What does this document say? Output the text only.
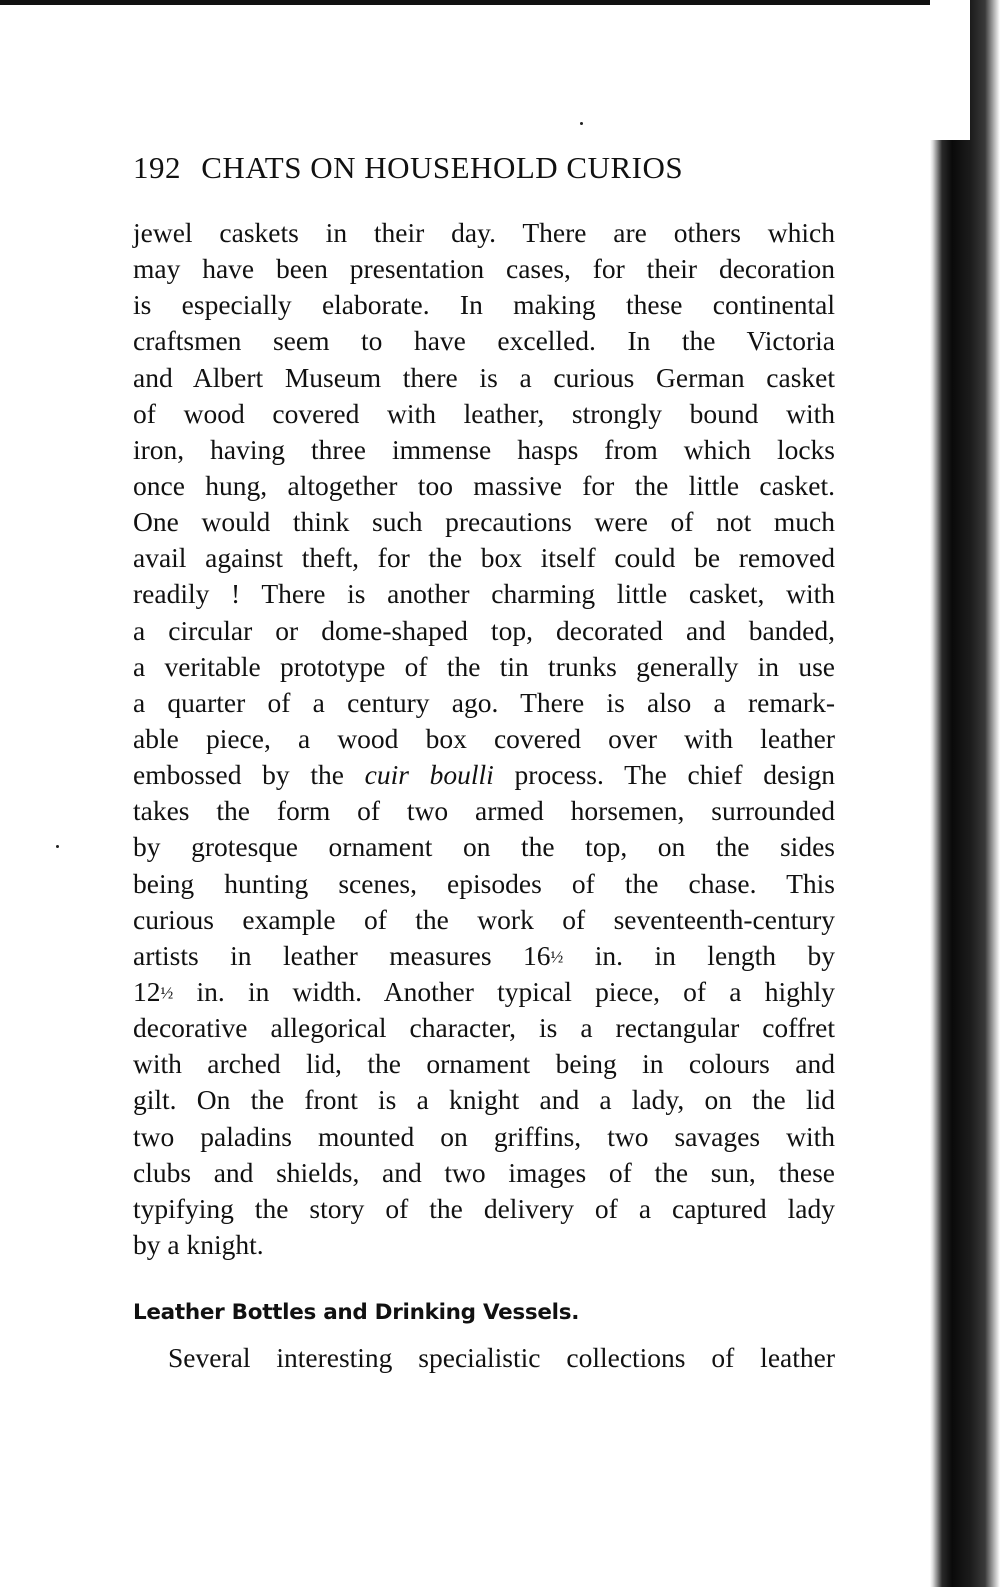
192 CHATS ON HOUSEHOLD CURIOS
jewel caskets in their day. There are others which
may have been presentation cases, for their decoration
is especially elaborate. In making these continental
craftsmen seem to have excelled. In the Victoria
and Albert Museum there is a curious German casket
of wood covered with leather, strongly bound with
iron, having three immense hasps from which locks
once hung, altogether too massive for the little casket.
One would think such precautions were of not much
avail against theft, for the box itself could be removed
readily ! There is another charming little casket, with
a circular or dome-shaped top, decorated and banded,
a veritable prototype of the tin trunks generally in use
a quarter of a century ago. There is also a remark-
able piece, a wood box covered over with leather
embossed by the cuir boulli process. The chief design
takes the form of two armed horsemen, surrounded
by grotesque ornament on the top, on the sides
being hunting scenes, episodes of the chase. This
curious example of the work of seventeenth-century
artists in leather measures 16½ in. in length by
12½ in. in width. Another typical piece, of a highly
decorative allegorical character, is a rectangular coffret
with arched lid, the ornament being in colours and
gilt. On the front is a knight and a lady, on the lid
two paladins mounted on griffins, two savages with
clubs and shields, and two images of the sun, these
typifying the story of the delivery of a captured lady
by a knight.
Leather Bottles and Drinking Vessels.
Several interesting specialistic collections of leather
